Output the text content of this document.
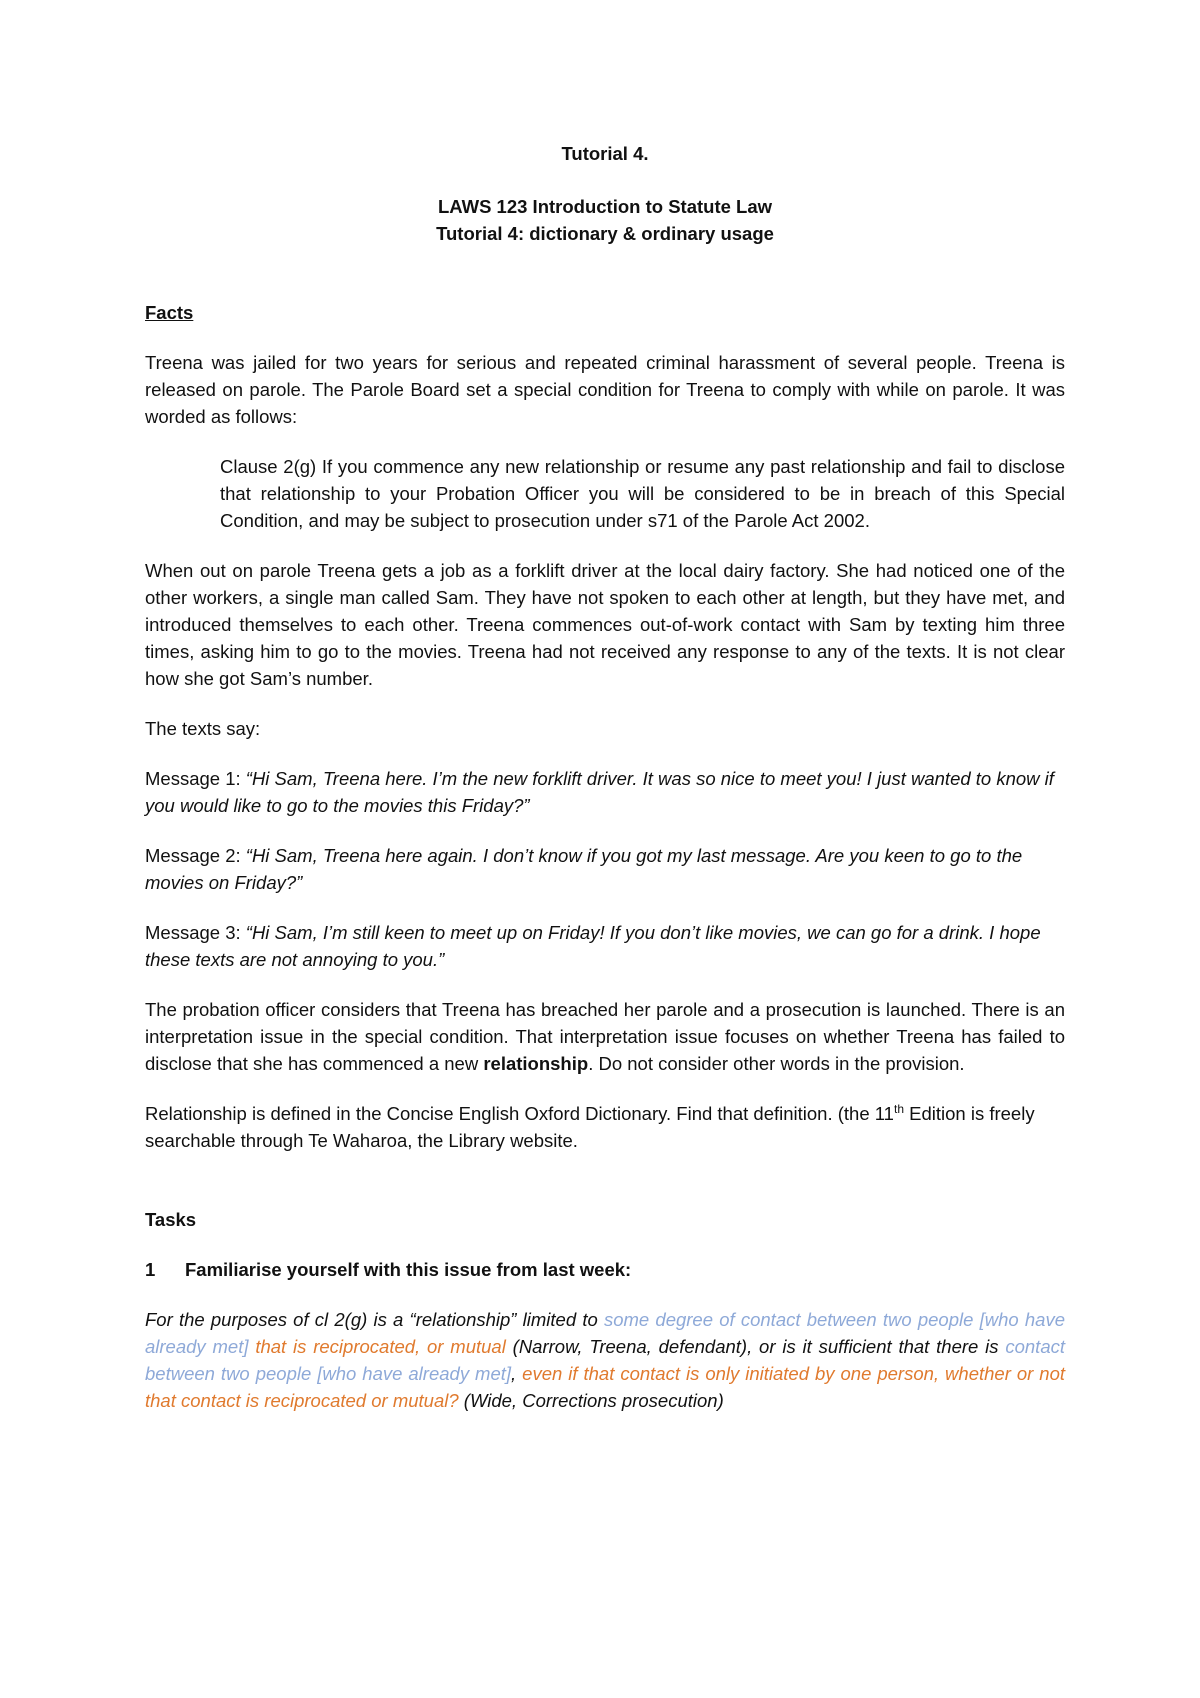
Tutorial 4.

LAWS 123 Introduction to Statute Law

Tutorial 4: dictionary & ordinary usage

Facts

Treena was jailed for two years for serious and repeated criminal harassment of several people. Treena is released on parole. The Parole Board set a special condition for Treena to comply with while on parole. It was worded as follows:

Clause 2(g) If you commence any new relationship or resume any past relationship and fail to disclose that relationship to your Probation Officer you will be considered to be in breach of this Special Condition, and may be subject to prosecution under s71 of the Parole Act 2002.

When out on parole Treena gets a job as a forklift driver at the local dairy factory. She had noticed one of the other workers, a single man called Sam. They have not spoken to each other at length, but they have met, and introduced themselves to each other. Treena commences out-of-work contact with Sam by texting him three times, asking him to go to the movies. Treena had not received any response to any of the texts. It is not clear how she got Sam’s number.

The texts say:

Message 1: “Hi Sam, Treena here. I’m the new forklift driver. It was so nice to meet you! I just wanted to know if you would like to go to the movies this Friday?”

Message 2: “Hi Sam, Treena here again. I don’t know if you got my last message. Are you keen to go to the movies on Friday?”

Message 3: “Hi Sam, I’m still keen to meet up on Friday! If you don’t like movies, we can go for a drink. I hope these texts are not annoying to you.”

The probation officer considers that Treena has breached her parole and a prosecution is launched. There is an interpretation issue in the special condition. That interpretation issue focuses on whether Treena has failed to disclose that she has commenced a new relationship. Do not consider other words in the provision.

Relationship is defined in the Concise English Oxford Dictionary. Find that definition. (the 11th Edition is freely searchable through Te Waharoa, the Library website.

Tasks

1	Familiarise yourself with this issue from last week:

For the purposes of cl 2(g) is a “relationship” limited to some degree of contact between two people [who have already met] that is reciprocated, or mutual (Narrow, Treena, defendant), or is it sufficient that there is contact between two people [who have already met], even if that contact is only initiated by one person, whether or not that contact is reciprocated or mutual? (Wide, Corrections prosecution)
